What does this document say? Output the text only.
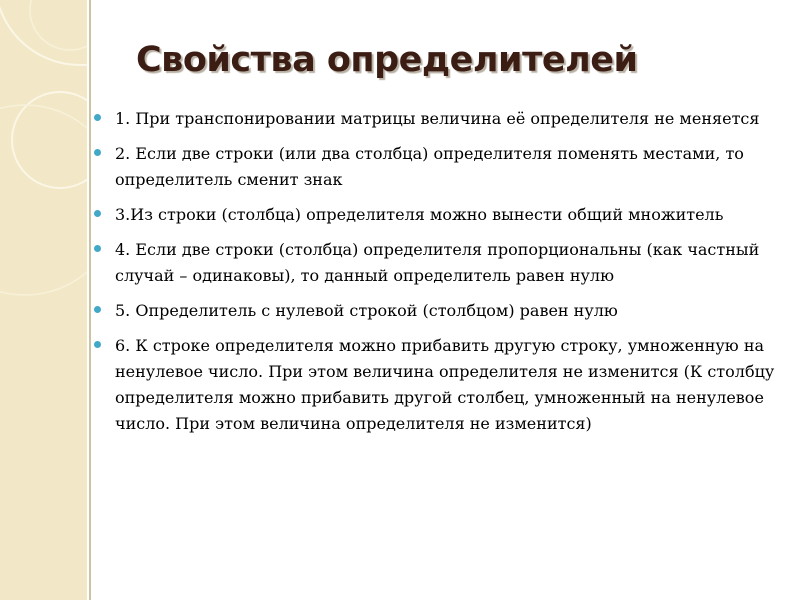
Свойства определителей
1. При транспонировании матрицы величина её определителя не меняется
2. Если две строки (или два столбца) определителя поменять местами, то определитель сменит знак
3.Из строки (столбца) определителя можно вынести общий множитель
4. Если две строки (столбца) определителя пропорциональны (как частный случай – одинаковы), то данный определитель равен нулю
5. Определитель с нулевой строкой (столбцом) равен нулю
6. К строке определителя можно прибавить другую строку, умноженную на ненулевое число. При этом величина определителя не изменится (К столбцу определителя можно прибавить другой столбец, умноженный на ненулевое число. При этом величина определителя не изменится)
